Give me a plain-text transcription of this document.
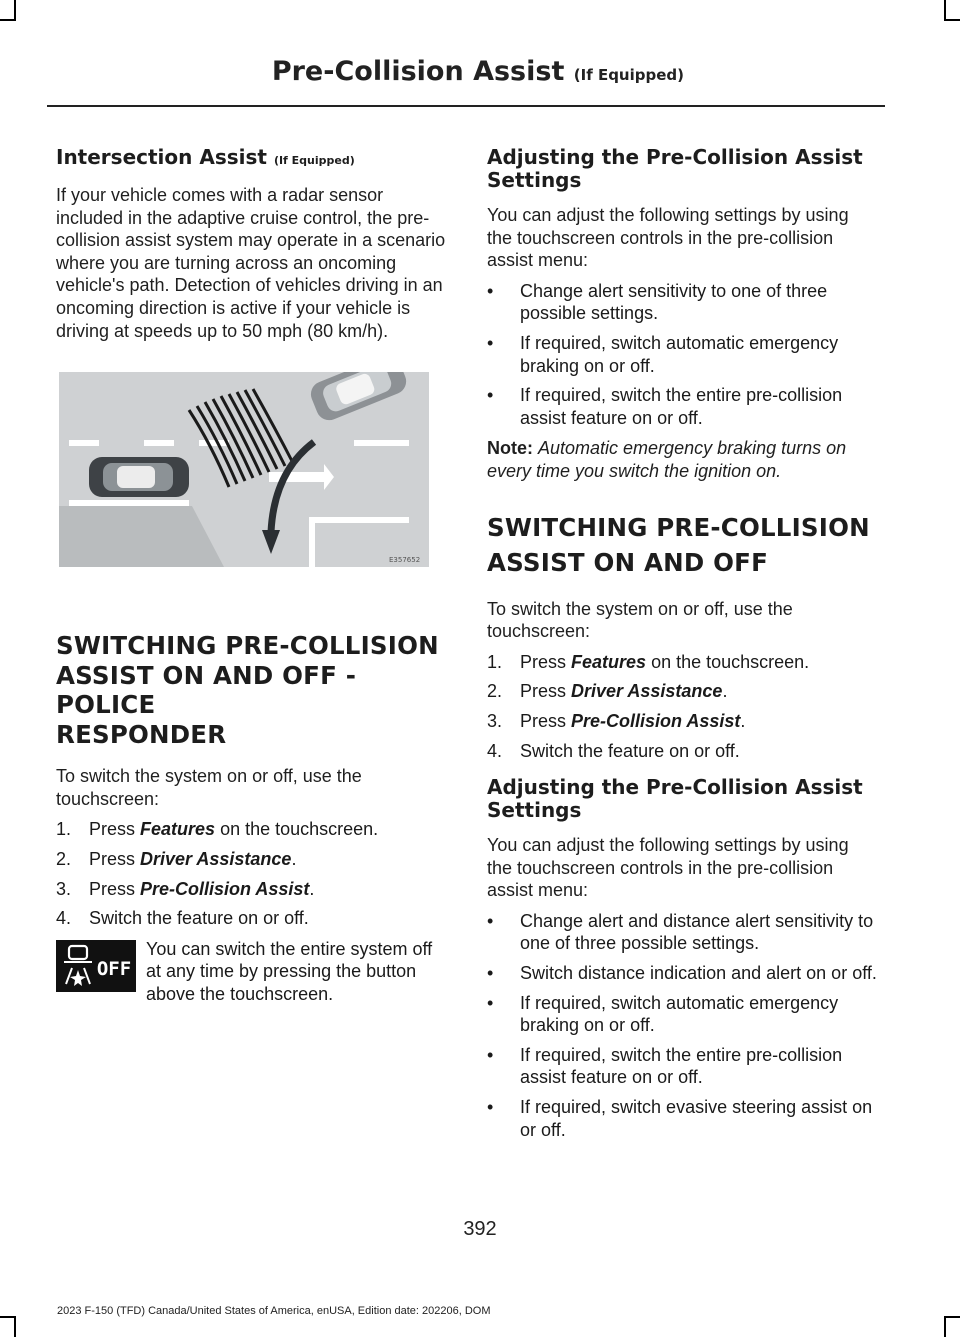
Pre-Collision Assist (If Equipped)
Intersection Assist (If Equipped)

If your vehicle comes with a radar sensor included in the adaptive cruise control, the pre-collision assist system may operate in a scenario where you are turning across an oncoming vehicle's path. Detection of vehicles driving in an oncoming direction is active if your vehicle is driving at speeds up to 50 mph (80 km/h).

E357652
SWITCHING PRE-COLLISION
ASSIST ON AND OFF - POLICE
RESPONDER

To switch the system on or off, use the touchscreen:

1. Press Features on the touchscreen.
2. Press Driver Assistance.
3. Press Pre-Collision Assist.
4. Switch the feature on or off.
OFF
You can switch the entire system off at any time by pressing the button above the touchscreen.
Adjusting the Pre-Collision Assist Settings

You can adjust the following settings by using the touchscreen controls in the pre-collision assist menu:

• Change alert sensitivity to one of three possible settings.
• If required, switch automatic emergency braking on or off.
• If required, switch the entire pre-collision assist feature on or off.

Note: Automatic emergency braking turns on every time you switch the ignition on.

SWITCHING PRE-COLLISION
ASSIST ON AND OFF

To switch the system on or off, use the touchscreen:

1. Press Features on the touchscreen.
2. Press Driver Assistance.
3. Press Pre-Collision Assist.
4. Switch the feature on or off.
Adjusting the Pre-Collision Assist Settings

You can adjust the following settings by using the touchscreen controls in the pre-collision assist menu:

• Change alert and distance alert sensitivity to one of three possible settings.
• Switch distance indication and alert on or off.
• If required, switch automatic emergency braking on or off.
• If required, switch the entire pre-collision assist feature on or off.
• If required, switch evasive steering assist on or off.
392
2023 F-150 (TFD) Canada/United States of America, enUSA, Edition date: 202206, DOM
